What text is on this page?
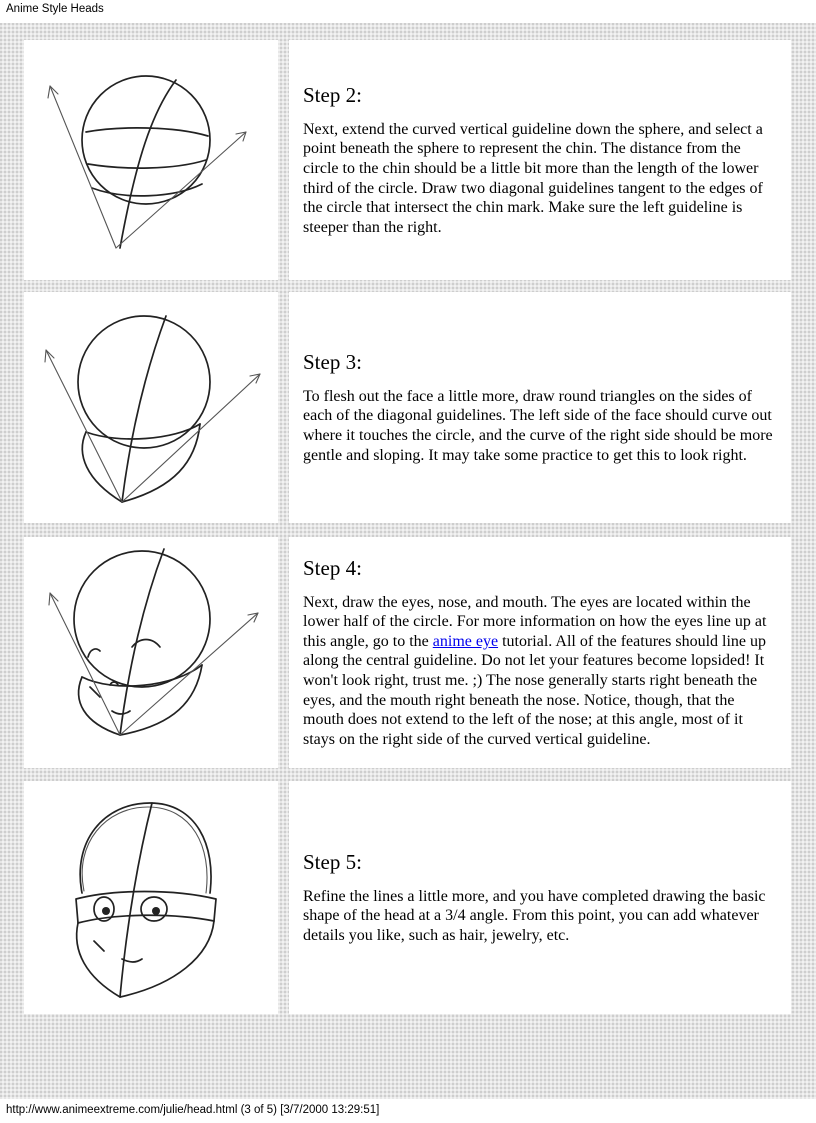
Anime Style Heads
Step 2:

Next, extend the curved vertical guideline down the sphere, and select a point beneath the sphere to represent the chin. The distance from the circle to the chin should be a little bit more than the length of the lower third of the circle. Draw two diagonal guidelines tangent to the edges of the circle that intersect the chin mark. Make sure the left guideline is steeper than the right.

Step 3:

To flesh out the face a little more, draw round triangles on the sides of each of the diagonal guidelines. The left side of the face should curve out where it touches the circle, and the curve of the right side should be more gentle and sloping. It may take some practice to get this to look right.

Step 4:

Next, draw the eyes, nose, and mouth. The eyes are located within the lower half of the circle. For more information on how the eyes line up at this angle, go to the anime eye tutorial. All of the features should line up along the central guideline. Do not let your features become lopsided! It won't look right, trust me. ;) The nose generally starts right beneath the eyes, and the mouth right beneath the nose. Notice, though, that the mouth does not extend to the left of the nose; at this angle, most of it stays on the right side of the curved vertical guideline.

Step 5:

Refine the lines a little more, and you have completed drawing the basic shape of the head at a 3/4 angle. From this point, you can add whatever details you like, such as hair, jewelry, etc.

http://www.animeextreme.com/julie/head.html (3 of 5) [3/7/2000 13:29:51]
